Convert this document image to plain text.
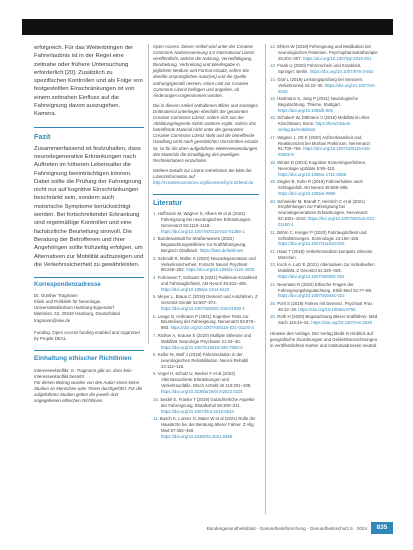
erfolgreich. Für das Weiterbringen der Fahrerlaubnis ist in der Regel eine zeitnahe oder frühere Untersuchung erforderlich [20]. Zusätzlich zu spezifischen Kontrollen und als Folge von festgestellten Einschränkungen ist von einem zeitnahen Einfluss auf die Fahreignung davon auszugehen. Kamera.

Fazit

Zusammenfassend ist festzuhalten, dass neurodegenerative Erkrankungen nach Auftreten im höheren Lebensalter die Fahreignung beeinträchtigen können. Dabei sollte die Prüfung der Fahreignung nicht nur auf kognitive Einschränkungen beschränkt sein, sondern auch motorische Symptome berücksichtigt werden. Bei fortschreitender Erkrankung sind regelmäßige Kontrollen und eine fachärztliche Beurteilung sinnvoll. Die Beratung der Betroffenen und ihrer Angehörigen sollte frühzeitig erfolgen, um Alternativen zur Mobilität aufzuzeigen und die Verkehrssicherheit zu gewährleisten.

Korrespondenzadresse

Dr. Günther Tragmann
Klinik und Poliklinik für Neurologie,
Universitätsklinikum Hamburg-Eppendorf
Martinistr. 52, 20246 Hamburg, Deutschland
tragmann@uke.de

Funding. Open Access funding enabled and organized by Projekt DEAL.

Einhaltung ethischer Richtlinien

Interessenkonflikt. G. Tragmann gibt an, dass kein Interessenkonflikt besteht.
Für diesen Beitrag wurden von den Autor/-innen keine Studien an Menschen oder Tieren durchgeführt. Für die aufgeführten Studien gelten die jeweils dort angegebenen ethischen Richtlinien.

Open Access. Dieser Artikel wird unter der Creative Commons Namensnennung 4.0 International Lizenz veröffentlicht, welche die Nutzung, Vervielfältigung, Bearbeitung, Verbreitung und Wiedergabe in jeglichem Medium und Format erlaubt, sofern Sie den/die ursprünglichen Autor(en) und die Quelle ordnungsgemäß nennen, einen Link zur Creative Commons Lizenz beifügen und angeben, ob Änderungen vorgenommen wurden.

Die in diesem Artikel enthaltenen Bilder und sonstiges Drittmaterial unterliegen ebenfalls der genannten Creative Commons Lizenz, sofern sich aus der Abbildungslegende nichts anderes ergibt. Sofern das betreffende Material nicht unter der genannten Creative Commons Lizenz steht und die betreffende Handlung nicht nach gesetzlichen Vorschriften erlaubt ist, ist für die oben aufgeführten Weiterverwendungen des Materials die Einwilligung des jeweiligen Rechteinhabers einzuholen.

Weitere Details zur Lizenz entnehmen Sie bitte der Lizenzinformation auf http://creativecommons.org/licenses/by/4.0/deed.de

Literatur

1. Hoffmann M, Wagner S, Albers W et al (2022) Fahreignung bei neurologischen Erkrankungen. Nervenarzt 93:1110–1118. https://doi.org/10.1007/s00115-022-01356-1
2. Bundesanstalt für Straßenwesen (2022) Begutachtungsleitlinien zur Kraftfahreignung. Bergisch Gladbach. https://bast.de/leitlinien
3. Schmidt R, Müller K (2020) Neurodegeneration und Verkehrssicherheit. Fortschr Neurol Psychiatr 88:245–252. https://doi.org/10.1055/a-1122-4000
4. Fuhrmann T, Schwarz B (2021) Parkinson-Krankheit und Fahrtauglichkeit. Akt Neurol 48:401–409. https://doi.org/10.1055/a-1344-5123
5. Meyer L, Braun C (2019) Demenz und Autofahren. Z Gerontol Geriatr 52:567–574. https://doi.org/10.1007/s00391-019-01590-1
6. Lange D, Hofmann P (2021) Kognitive Tests zur Beurteilung der Fahreignung. Nervenarzt 92:876–883. https://doi.org/10.1007/s00115-021-01100-3
7. Richter A, Krause S (2020) Multiple Sklerose und Mobilität. Neurologe Psychiater 21:34–40. https://doi.org/10.1007/s15016-020-7500-2
8. Keller M, Wolf J (2018) Fahrsimulation in der neurologischen Rehabilitation. Neurol Rehabil 24:112–118.
9. Vogel H, Schulz U, Becker F et al (2022) Altersassoziierte Erkrankungen und Verkehrsunfälle. Dtsch Arztebl Int 119:201–208. https://doi.org/10.3238/arztebl.m2022.0101
10. Seidel E, Franke T (2019) Gutachterliche Aspekte der Fahreignung. Blutalkohol 56:300–311. https://doi.org/10.1007/blut-2019-0044
11. Busch K, Lorenz G, Maier W et al (2021) Rolle der Hausärzte bei der Beratung älterer Fahrer. Z Allg Med 97:455–460. https://doi.org/10.3238/zfa.2021.0455
12. Ehlers W (2018) Fahreignung und Medikation bei neurologischen Patienten. Psychopharmakotherapie 25:201–207. https://doi.org/10.1007/pp-2018-201
13. Frank U (2020) Führerschein und Krankheit. Springer, Berlin. https://doi.org/10.1007/978-3-662
14. Graf L (2019) Leistungsprüfung bei Senioren. Verkehrsmed 44:23–30. https://doi.org/10.1007/vm-2019
15. Hartmann S, Jung P (2021) Neurologische Begutachtung. Thieme, Stuttgart. https://doi.org/10.1055/b-006
16. Schubert W, Dittmann V (2018) Mobilität im Alter. Kirschbaum, Bonn. https://kirschbaum-verlag.de/mobilitaet
17. Wagner J, Ott K (2020) Aufmerksamkeit und Reaktionszeit bei Morbus Parkinson. Nervenarzt 91:700–706. https://doi.org/10.1007/s00115-020-00925-9
18. Winter D (2022) Kognitive Screeningverfahren. Neurologie up2date 5:95–110. https://doi.org/10.1055/a-1711-0055
19. Ziegler B, Kuhn R (2019) Fahrverhalten nach Schlaganfall. Akt Neurol 46:588–595. https://doi.org/10.1055/a-0998
20. Schneider M, Brandt T, Heinrich C et al (2021) Empfehlungen zur Fahreignung bei neurodegenerativen Erkrankungen. Nervenarzt 92:1001–1010. https://doi.org/10.1007/s00115-021-01180-1
21. Böhm C, Krieger P (2020) Fahrtauglichkeit und Schlafstörungen. Somnologie 24:150–156. https://doi.org/10.1007/s11818-020
22. Haas T (2018) Verkehrsmedizin kompakt. Elsevier, München.
23. Koch A, Lutz E (2021) Alternativen zur individuellen Mobilität. Z Gerontol 54:320–326. https://doi.org/10.1007/s00391-021
24. Neumann R (2022) Ethische Fragen der Fahreignungsbegutachtung. Ethik Med 34:77–89. https://doi.org/10.1007/s00481-022
25. Pohl S (2019) Fahren mit Demenz. Psychiatr Prax 46:12–18. https://doi.org/10.1055/a-0766
26. Roth H (2020) Begutachtung älterer Kraftfahrer. Med Sach 116:44–51. https://doi.org/10.1007/ms-2020

Hinweis des Verlags. Der Verlag bleibt in Hinblick auf geografische Zuordnungen und Gebietsbezeichnungen in veröffentlichten Karten und Institutsadressen neutral.

Bundesgesundheitsblatt - Gesundheitsforschung - Gesundheitsschutz 6 · 2024	835
